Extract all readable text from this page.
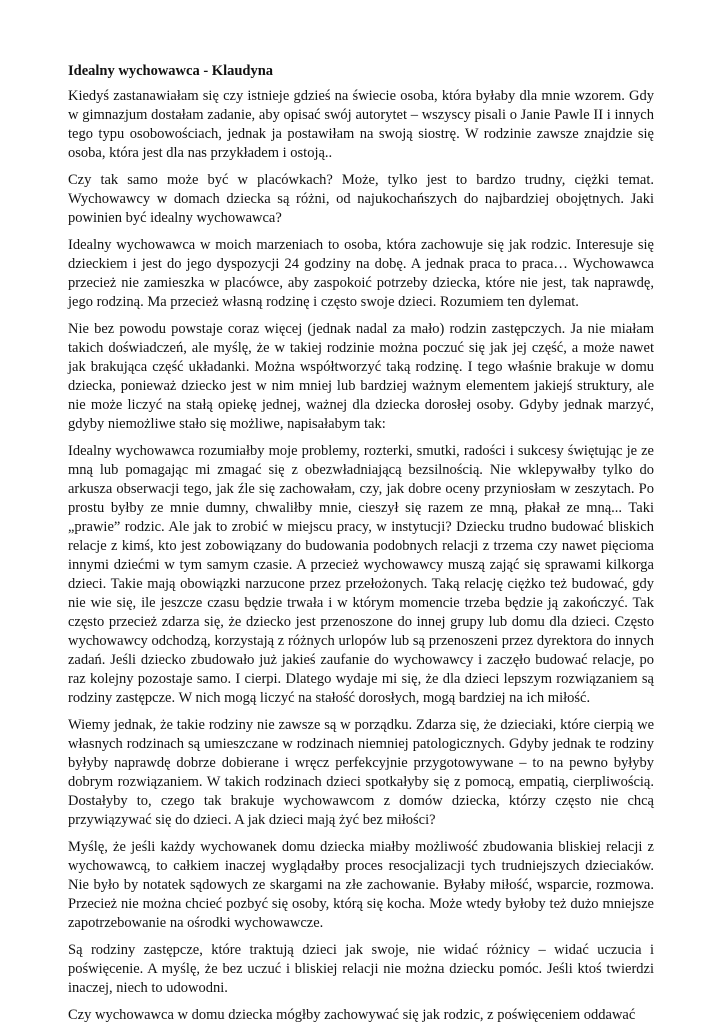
Idealny wychowawca - Klaudyna

Kiedyś zastanawiałam się czy istnieje gdzieś na świecie osoba, która byłaby dla mnie wzorem. Gdy w gimnazjum dostałam zadanie, aby opisać swój autorytet – wszyscy pisali o Janie Pawle II i innych tego typu osobowościach, jednak ja postawiłam na swoją siostrę. W rodzinie zawsze znajdzie się osoba, która jest dla nas przykładem i ostoją..

Czy tak samo może być w placówkach? Może, tylko jest to bardzo trudny, ciężki temat. Wychowawcy w domach dziecka są różni, od najukochańszych do najbardziej obojętnych. Jaki powinien być idealny wychowawca?

Idealny wychowawca w moich marzeniach to osoba, która zachowuje się jak rodzic. Interesuje się dzieckiem i jest do jego dyspozycji 24 godziny na dobę. A jednak praca to praca… Wychowawca przecież nie zamieszka w placówce, aby zaspokoić potrzeby dziecka, które nie jest, tak naprawdę, jego rodziną. Ma przecież własną rodzinę i często swoje dzieci. Rozumiem ten dylemat.

Nie bez powodu powstaje coraz więcej (jednak nadal za mało) rodzin zastępczych. Ja nie miałam takich doświadczeń, ale myślę, że w takiej rodzinie można poczuć się jak jej część, a może nawet jak brakująca część układanki. Można współtworzyć taką rodzinę. I tego właśnie brakuje w domu dziecka, ponieważ dziecko jest w nim mniej lub bardziej ważnym elementem jakiejś struktury, ale nie może liczyć na stałą opiekę jednej, ważnej dla dziecka dorosłej osoby. Gdyby jednak marzyć, gdyby niemożliwe stało się możliwe, napisałabym tak:

Idealny wychowawca rozumiałby moje problemy, rozterki, smutki, radości i sukcesy świętując je ze mną lub pomagając mi zmagać się z obezwładniającą bezsilnością. Nie wklepywałby tylko do arkusza obserwacji tego, jak źle się zachowałam, czy, jak dobre oceny przyniosłam w zeszytach. Po prostu byłby ze mnie dumny, chwaliłby mnie, cieszył się razem ze mną, płakał ze mną... Taki „prawie” rodzic. Ale jak to zrobić w miejscu pracy, w instytucji? Dziecku trudno budować bliskich relacje z kimś, kto jest zobowiązany do budowania podobnych relacji z trzema czy nawet pięcioma innymi dziećmi w tym samym czasie. A przecież wychowawcy muszą zająć się sprawami kilkorga dzieci. Takie mają obowiązki narzucone przez przełożonych. Taką relację ciężko też budować, gdy nie wie się, ile jeszcze czasu będzie trwała i w którym momencie trzeba będzie ją zakończyć. Tak często przecież zdarza się, że dziecko jest przenoszone do innej grupy lub domu dla dzieci. Często wychowawcy odchodzą, korzystają z różnych urlopów lub są przenoszeni przez dyrektora do innych zadań. Jeśli dziecko zbudowało już jakieś zaufanie do wychowawcy i zaczęło budować relacje, po raz kolejny pozostaje samo. I cierpi. Dlatego wydaje mi się, że dla dzieci lepszym rozwiązaniem są rodziny zastępcze. W nich mogą liczyć na stałość dorosłych, mogą bardziej na ich miłość.

Wiemy jednak, że takie rodziny nie zawsze są w porządku. Zdarza się, że dzieciaki, które cierpią we własnych rodzinach są umieszczane w rodzinach niemniej patologicznych. Gdyby jednak te rodziny byłyby naprawdę dobrze dobierane i wręcz perfekcyjnie przygotowywane – to na pewno byłyby dobrym rozwiązaniem. W takich rodzinach dzieci spotkałyby się z pomocą, empatią, cierpliwością. Dostałyby to, czego tak brakuje wychowawcom z domów dziecka, którzy często nie chcą przywiązywać się do dzieci. A jak dzieci mają żyć bez miłości?

Myślę, że jeśli każdy wychowanek domu dziecka miałby możliwość zbudowania bliskiej relacji z wychowawcą, to całkiem inaczej wyglądałby proces resocjalizacji tych trudniejszych dzieciaków. Nie było by notatek sądowych ze skargami na złe zachowanie. Byłaby miłość, wsparcie, rozmowa. Przecież nie można chcieć pozbyć się osoby, którą się kocha. Może wtedy byłoby też dużo mniejsze zapotrzebowanie na ośrodki wychowawcze.

Są rodziny zastępcze, które traktują dzieci jak swoje, nie widać różnicy – widać uczucia i poświęcenie. A myślę, że bez uczuć i bliskiej relacji nie można dziecku pomóc. Jeśli ktoś twierdzi inaczej, niech to udowodni.

Czy wychowawca w domu dziecka mógłby zachowywać się jak rodzic, z poświęceniem oddawać
